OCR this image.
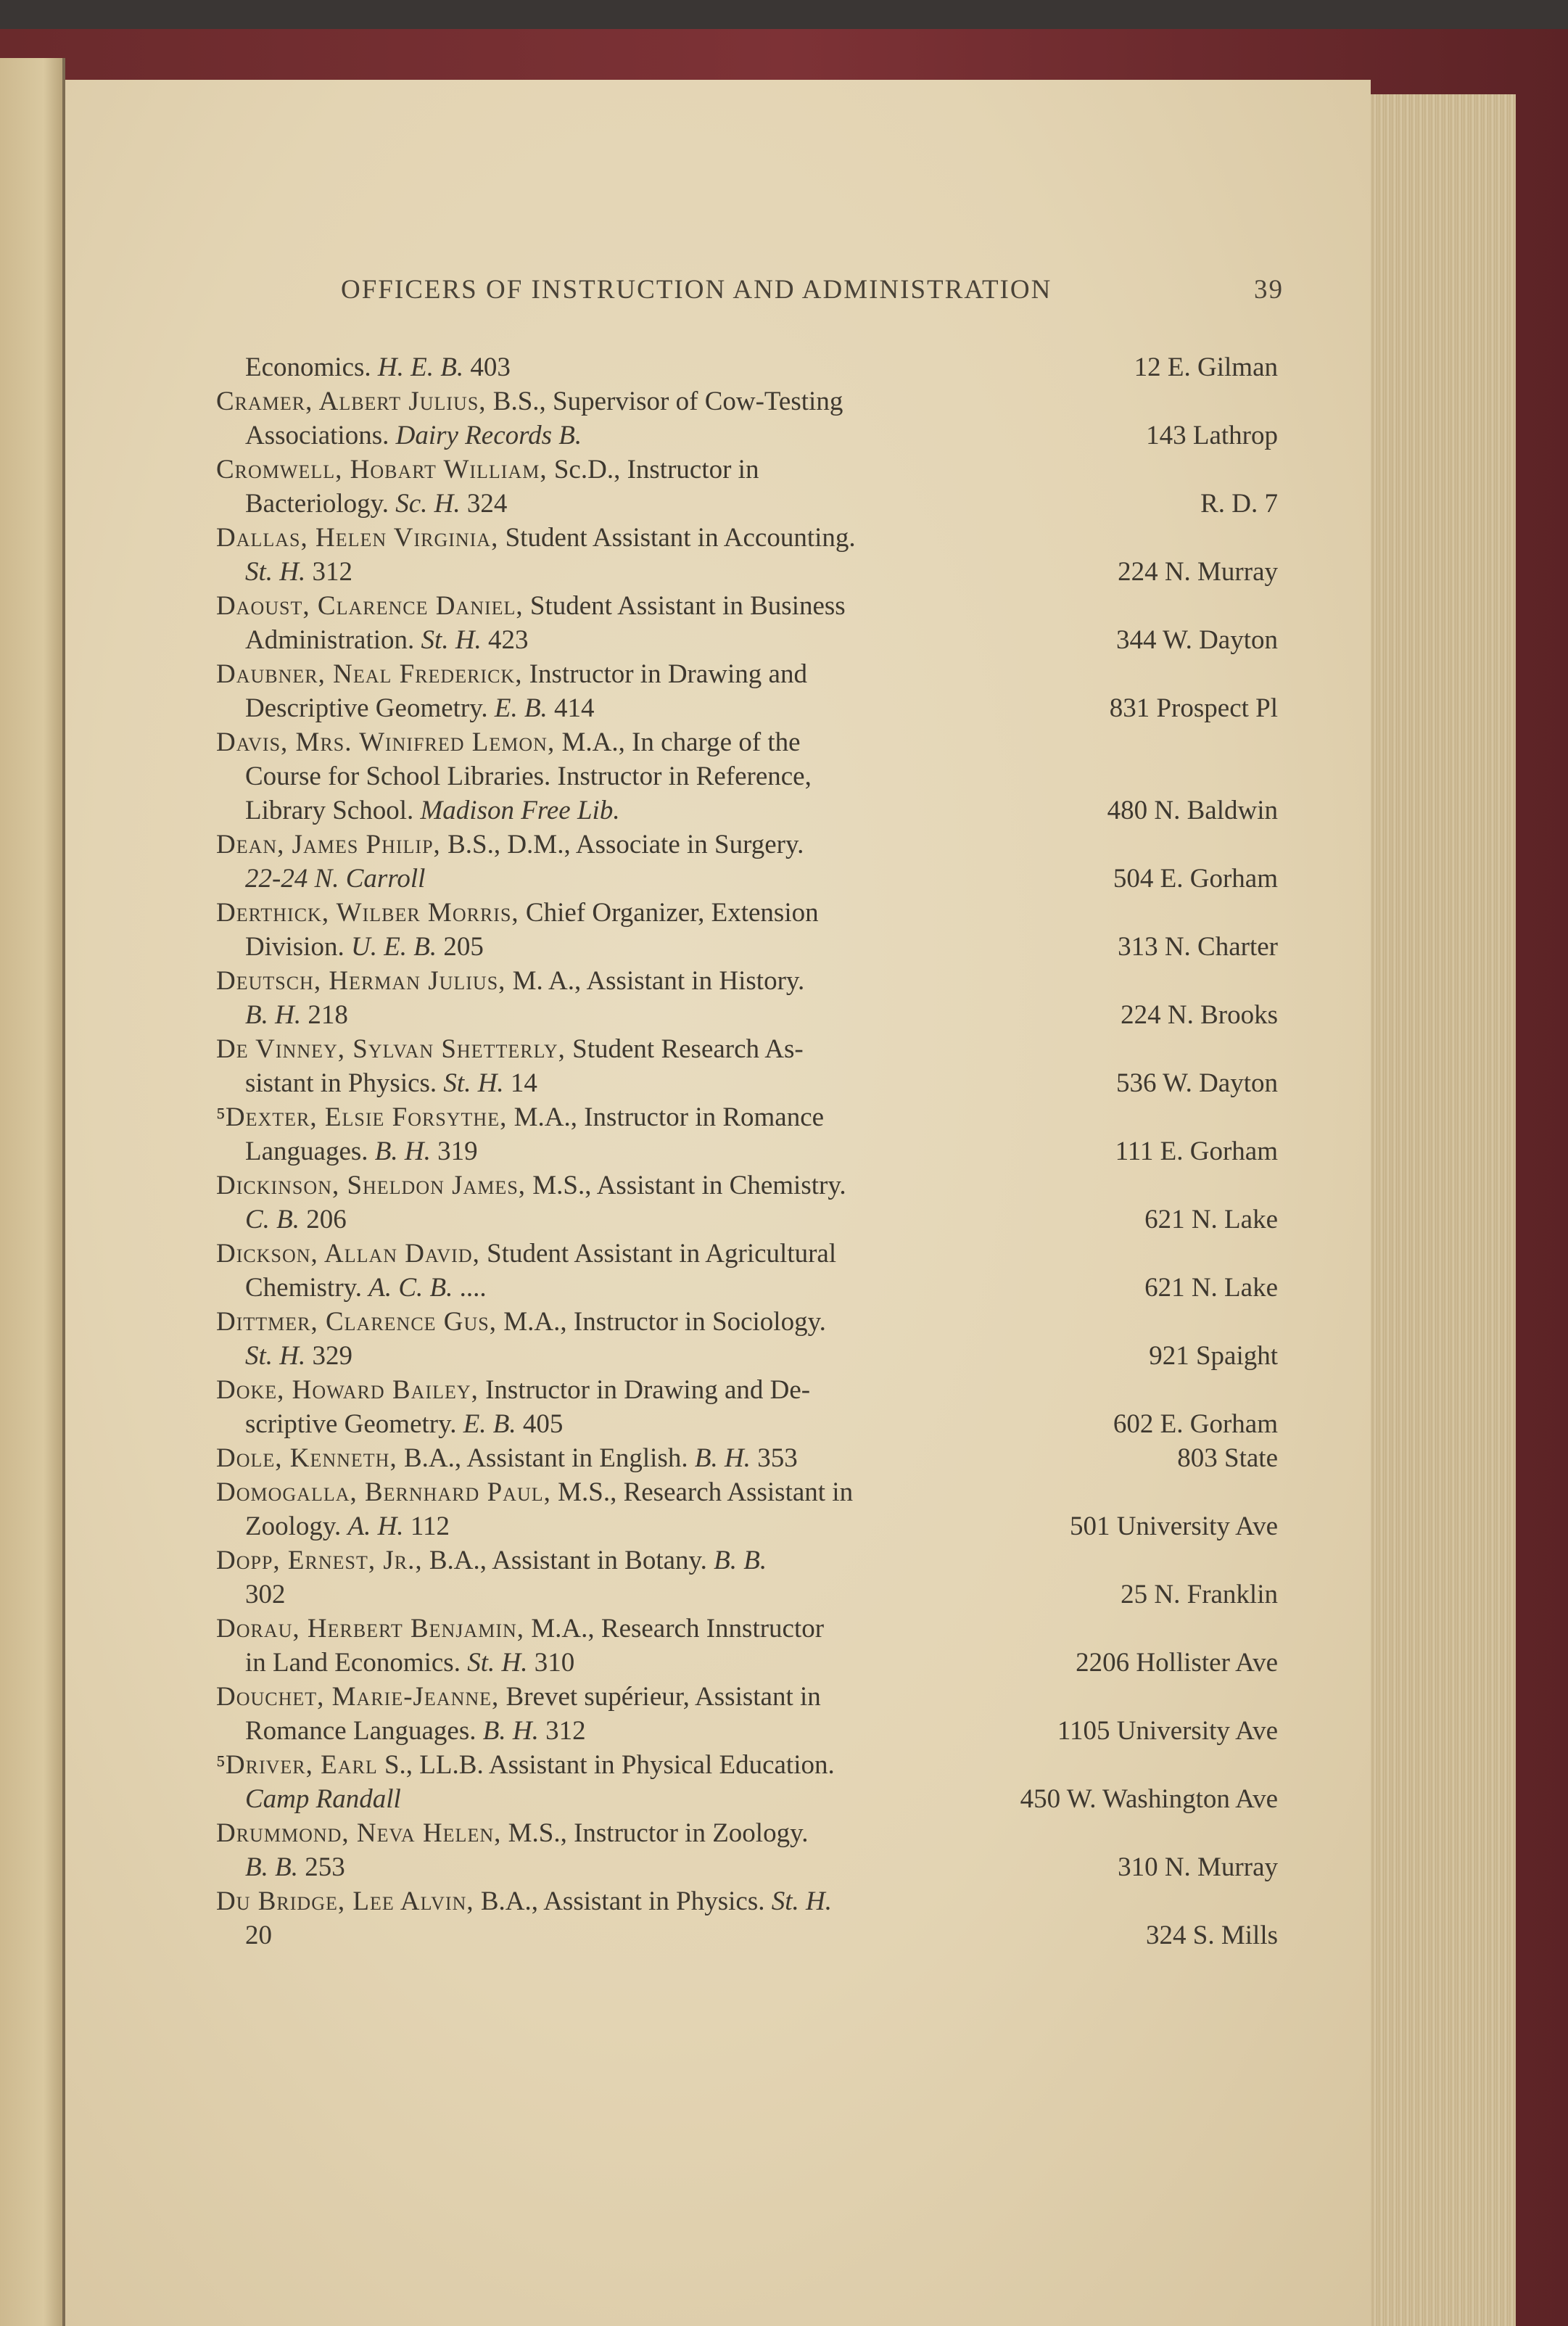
OFFICERS OF INSTRUCTION AND ADMINISTRATION	39
Economics. H. E. B. 403	12 E. Gilman
Cramer, Albert Julius, B.S., Supervisor of Cow-Testing
Associations. Dairy Records B.	143 Lathrop
Cromwell, Hobart William, Sc.D., Instructor in
Bacteriology. Sc. H. 324	R. D. 7
Dallas, Helen Virginia, Student Assistant in Accounting.
St. H. 312	224 N. Murray
Daoust, Clarence Daniel, Student Assistant in Business
Administration. St. H. 423	344 W. Dayton
Daubner, Neal Frederick, Instructor in Drawing and
Descriptive Geometry. E. B. 414	831 Prospect Pl
Davis, Mrs. Winifred Lemon, M.A., In charge of the
Course for School Libraries. Instructor in Reference,
Library School. Madison Free Lib.	480 N. Baldwin
Dean, James Philip, B.S., D.M., Associate in Surgery.
22-24 N. Carroll	504 E. Gorham
Derthick, Wilber Morris, Chief Organizer, Extension
Division. U. E. B. 205	313 N. Charter
Deutsch, Herman Julius, M. A., Assistant in History.
B. H. 218	224 N. Brooks
De Vinney, Sylvan Shetterly, Student Research As-
sistant in Physics. St. H. 14	536 W. Dayton
⁵Dexter, Elsie Forsythe, M.A., Instructor in Romance
Languages. B. H. 319	111 E. Gorham
Dickinson, Sheldon James, M.S., Assistant in Chemistry.
C. B. 206	621 N. Lake
Dickson, Allan David, Student Assistant in Agricultural
Chemistry. A. C. B. ....	621 N. Lake
Dittmer, Clarence Gus, M.A., Instructor in Sociology.
St. H. 329	921 Spaight
Doke, Howard Bailey, Instructor in Drawing and De-
scriptive Geometry. E. B. 405	602 E. Gorham
Dole, Kenneth, B.A., Assistant in English. B. H. 353	803 State
Domogalla, Bernhard Paul, M.S., Research Assistant in
Zoology. A. H. 112	501 University Ave
Dopp, Ernest, Jr., B.A., Assistant in Botany. B. B.
302	25 N. Franklin
Dorau, Herbert Benjamin, M.A., Research Innstructor
in Land Economics. St. H. 310	2206 Hollister Ave
Douchet, Marie-Jeanne, Brevet supérieur, Assistant in
Romance Languages. B. H. 312	1105 University Ave
⁵Driver, Earl S., LL.B. Assistant in Physical Education.
Camp Randall	450 W. Washington Ave
Drummond, Neva Helen, M.S., Instructor in Zoology.
B. B. 253	310 N. Murray
Du Bridge, Lee Alvin, B.A., Assistant in Physics. St. H.
20	324 S. Mills
